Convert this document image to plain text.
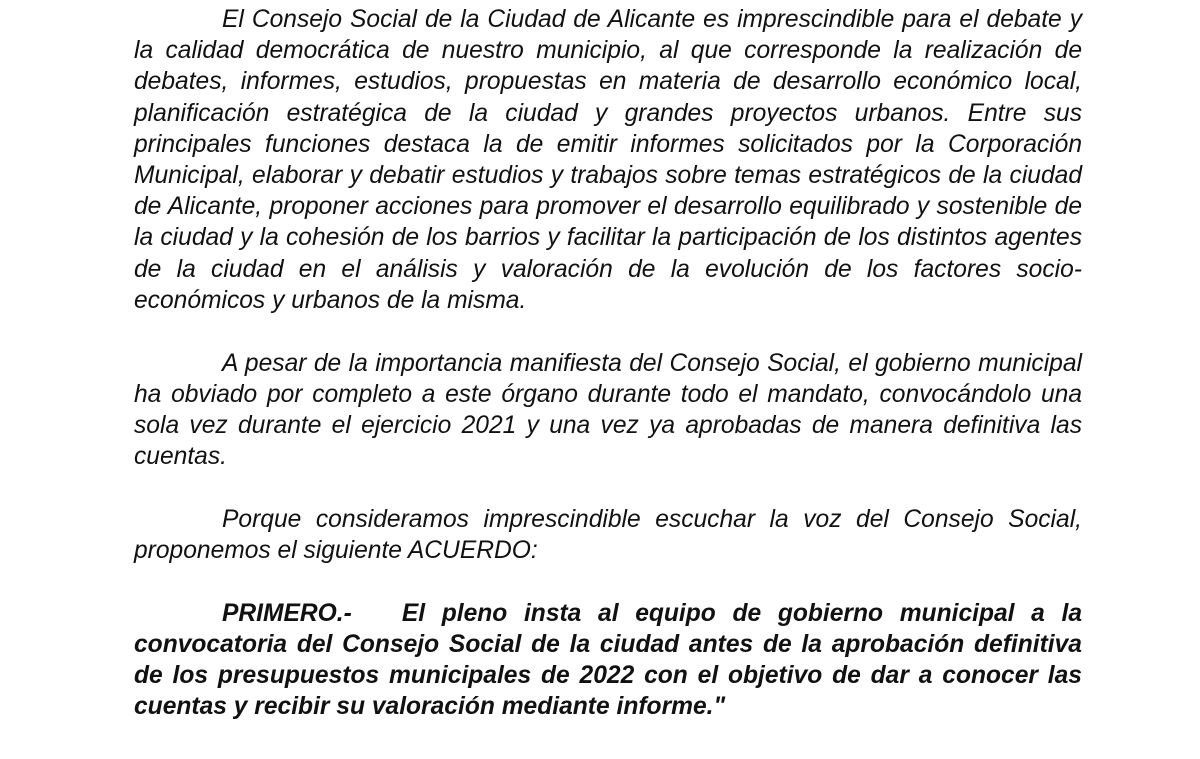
El Consejo Social de la Ciudad de Alicante es imprescindible para el debate y la calidad democrática de nuestro municipio, al que corresponde la realización de debates, informes, estudios, propuestas en materia de desarrollo económico local, planificación estratégica de la ciudad y grandes proyectos urbanos. Entre sus principales funciones destaca la de emitir informes solicitados por la Corporación Municipal, elaborar y debatir estudios y trabajos sobre temas estratégicos de la ciudad de Alicante, proponer acciones para promover el desarrollo equilibrado y sostenible de la ciudad y la cohesión de los barrios y facilitar la participación de los distintos agentes de la ciudad en el análisis y valoración de la evolución de los factores socio-económicos y urbanos de la misma.

A pesar de la importancia manifiesta del Consejo Social, el gobierno municipal ha obviado por completo a este órgano durante todo el mandato, convocándolo una sola vez durante el ejercicio 2021 y una vez ya aprobadas de manera definitiva las cuentas.

Porque consideramos imprescindible escuchar la voz del Consejo Social, proponemos el siguiente ACUERDO:

PRIMERO.- El pleno insta al equipo de gobierno municipal a la convocatoria del Consejo Social de la ciudad antes de la aprobación definitiva de los presupuestos municipales de 2022 con el objetivo de dar a conocer las cuentas y recibir su valoración mediante informe."
